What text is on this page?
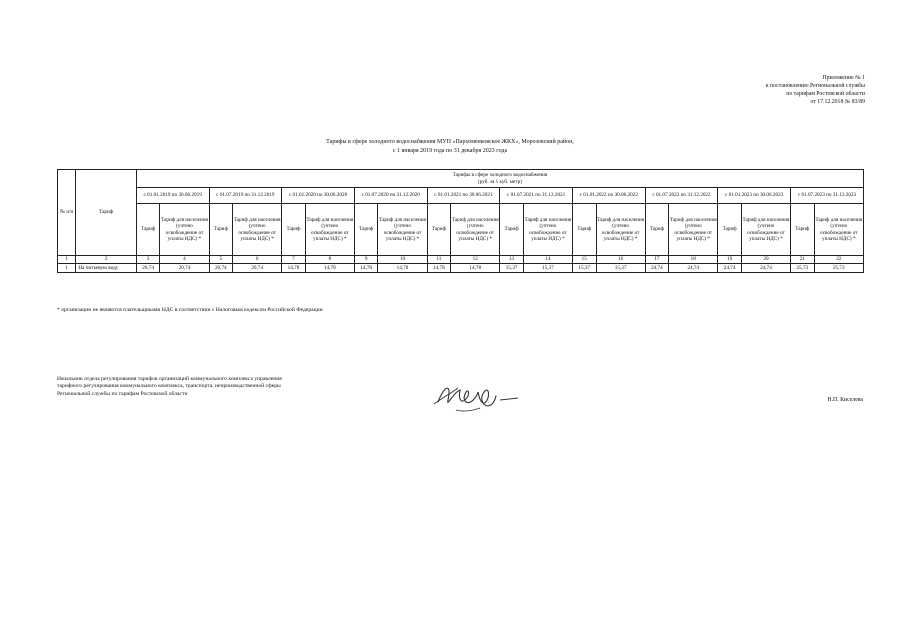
Приложение № 1
к постановлению Региональной службы
по тарифам Ростовской области
от 17.12.2018 № 83/89
Тарифы в сфере холодного водоснабжения МУП «Пархоменковское ЖКХ», Морозовский район,
с 1 января 2019 года по 31 декабря 2023 года
№ п/п	Тариф	Тарифы в сфере холодного водоснабжения
(руб. за 1 куб. метр)																			

		с 01.01.2019 по 30.06.2019		с 01.07.2019 по 31.12.2019		с 01.01.2020 по 30.06.2020		с 01.07.2020 по 31.12.2020		с 01.01.2021 по 30.06.2021		с 01.07.2021 по 31.12.2021		с 01.01.2022 по 30.06.2022		с 01.07.2022 по 31.12.2022		с 01.01.2023 по 30.06.2023		с 01.07.2023 по 31.12.2023	
		Тариф	Тариф для населения (учтено освобождение от уплаты НДС) *	Тариф	Тариф для населения (учтено освобождение от уплаты НДС) *	Тариф	Тариф для населения (учтено освобождение от уплаты НДС) *	Тариф	Тариф для населения (учтено освобождение от уплаты НДС) *	Тариф	Тариф для населения (учтено освобождение от уплаты НДС) *	Тариф	Тариф для населения (учтено освобождение от уплаты НДС) *	Тариф	Тариф для населения (учтено освобождение от уплаты НДС) *	Тариф	Тариф для населения (учтено освобождение от уплаты НДС) *	Тариф	Тариф для населения (учтено освобождение от уплаты НДС) *	Тариф	Тариф для населения (учтено освобождение от уплаты НДС) *
1	2	3	4	5	6	7	8	9	10	11	12	13	14	15	16	17	18	19	20	21	22
1	На питьевую воду	20,74	20,74	20,74	20,74	14,78	14,78	14,78	14,78	14,78	14,78	15,37	15,37	15,37	15,37	24,74	24,74	24,74	24,74	25,73	25,73
* организации не являются плательщиками НДС в соответствии с Налоговым кодексом Российской Федерации
Начальник отдела регулирования тарифов организаций коммунального комплекса управления тарифного регулирования коммунального комплекса, транспорта, непроизводственной сферы Региональной службы по тарифам Ростовской области
Н.П. Киселева
